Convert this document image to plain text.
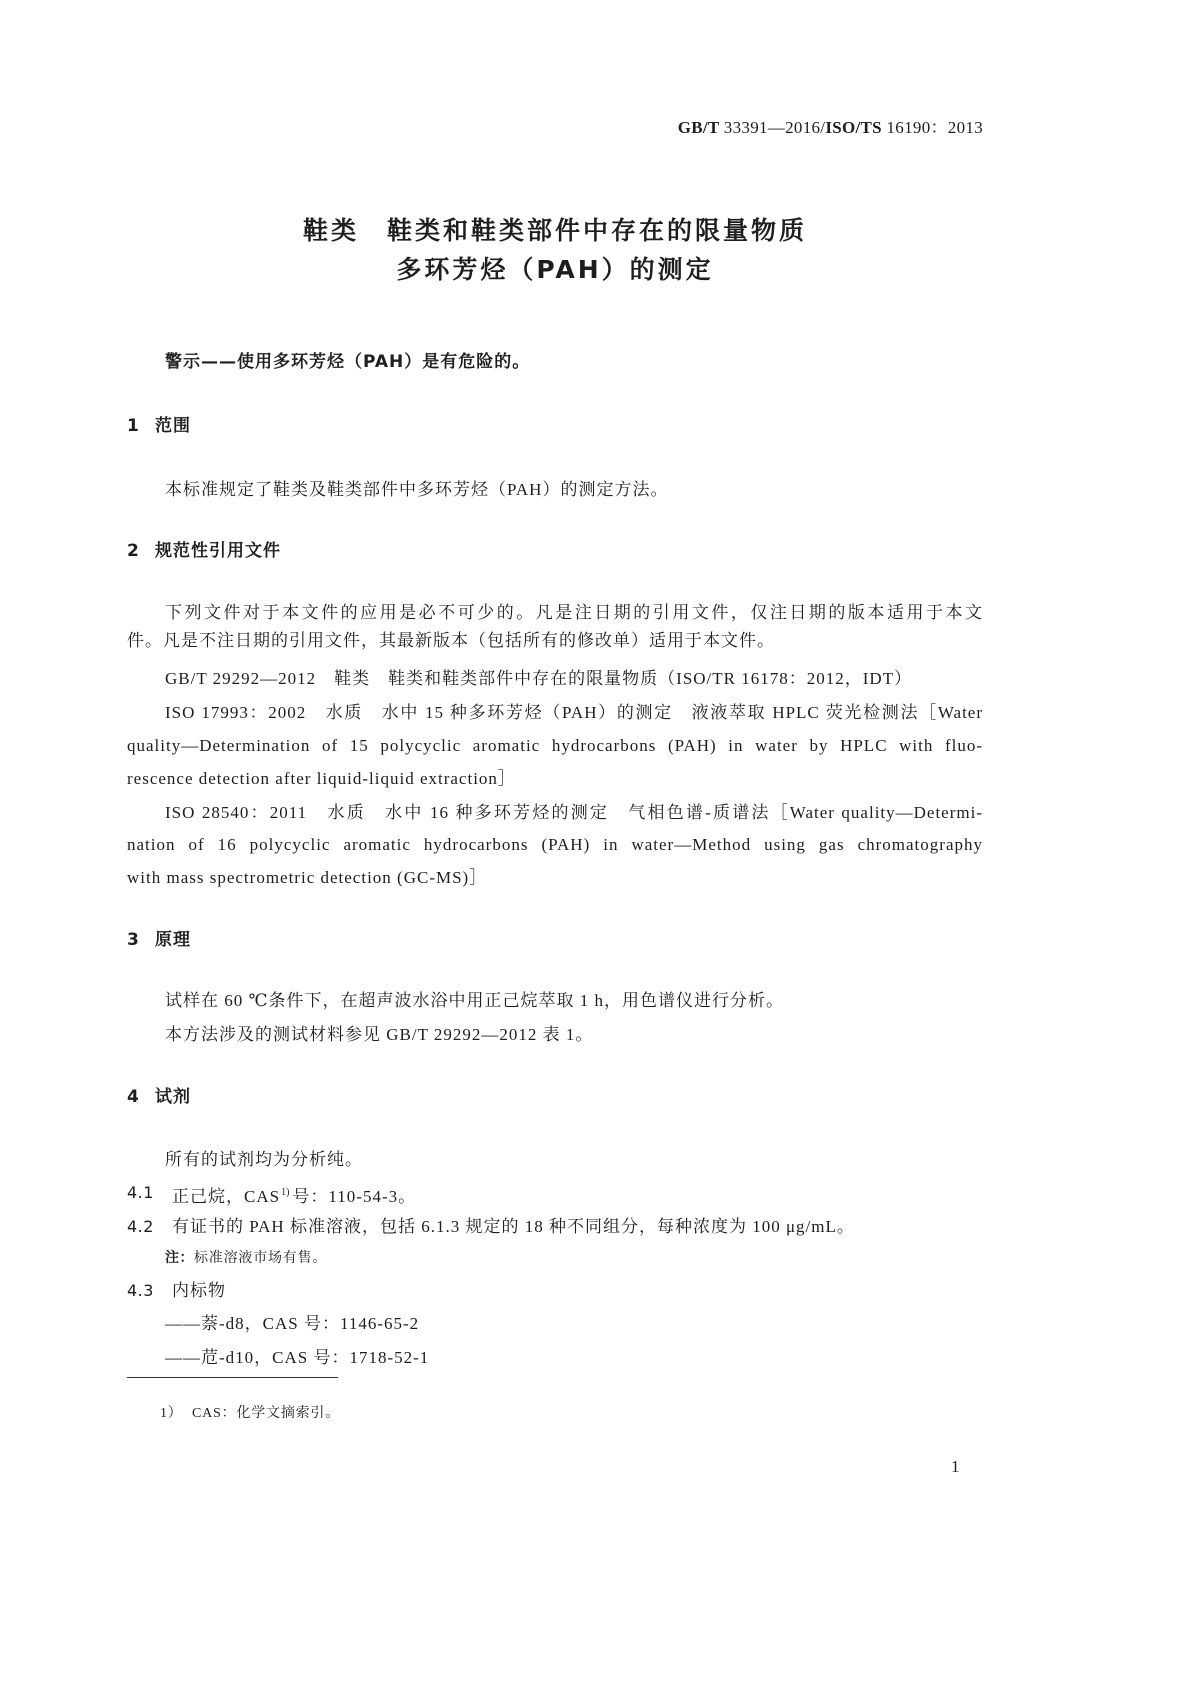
GB/T 33391—2016/ISO/TS 16190：2013
鞋类　鞋类和鞋类部件中存在的限量物质
多环芳烃（PAH）的测定
警示——使用多环芳烃（PAH）是有危险的。
1 范围
本标准规定了鞋类及鞋类部件中多环芳烃（PAH）的测定方法。
2 规范性引用文件
下列文件对于本文件的应用是必不可少的。凡是注日期的引用文件，仅注日期的版本适用于本文
件。凡是不注日期的引用文件，其最新版本（包括所有的修改单）适用于本文件。
GB/T 29292—2012　鞋类　鞋类和鞋类部件中存在的限量物质（ISO/TR 16178：2012，IDT）
ISO 17993：2002　水质　水中 15 种多环芳烃（PAH）的测定　液液萃取 HPLC 荧光检测法［Water
quality—Determination of 15 polycyclic aromatic hydrocarbons (PAH) in water by HPLC with fluo-
rescence detection after liquid-liquid extraction］
ISO 28540：2011　水质　水中 16 种多环芳烃的测定　气相色谱-质谱法［Water quality—Determi-
nation of 16 polycyclic aromatic hydrocarbons (PAH) in water—Method using gas chromatography
with mass spectrometric detection (GC-MS)］
3 原理
试样在 60 ℃条件下，在超声波水浴中用正己烷萃取 1 h，用色谱仪进行分析。
本方法涉及的测试材料参见 GB/T 29292—2012 表 1。
4 试剂
所有的试剂均为分析纯。
4.1 正己烷，CAS$^{1)}$ 号：110-54-3。
4.2 有证书的 PAH 标准溶液，包括 6.1.3 规定的 18 种不同组分，每种浓度为 100 μg/mL。
注：标准溶液市场有售。
4.3 内标物
——萘-d8，CAS 号：1146-65-2
——苊-d10，CAS 号：1718-52-1
1） CAS：化学文摘索引。
1
